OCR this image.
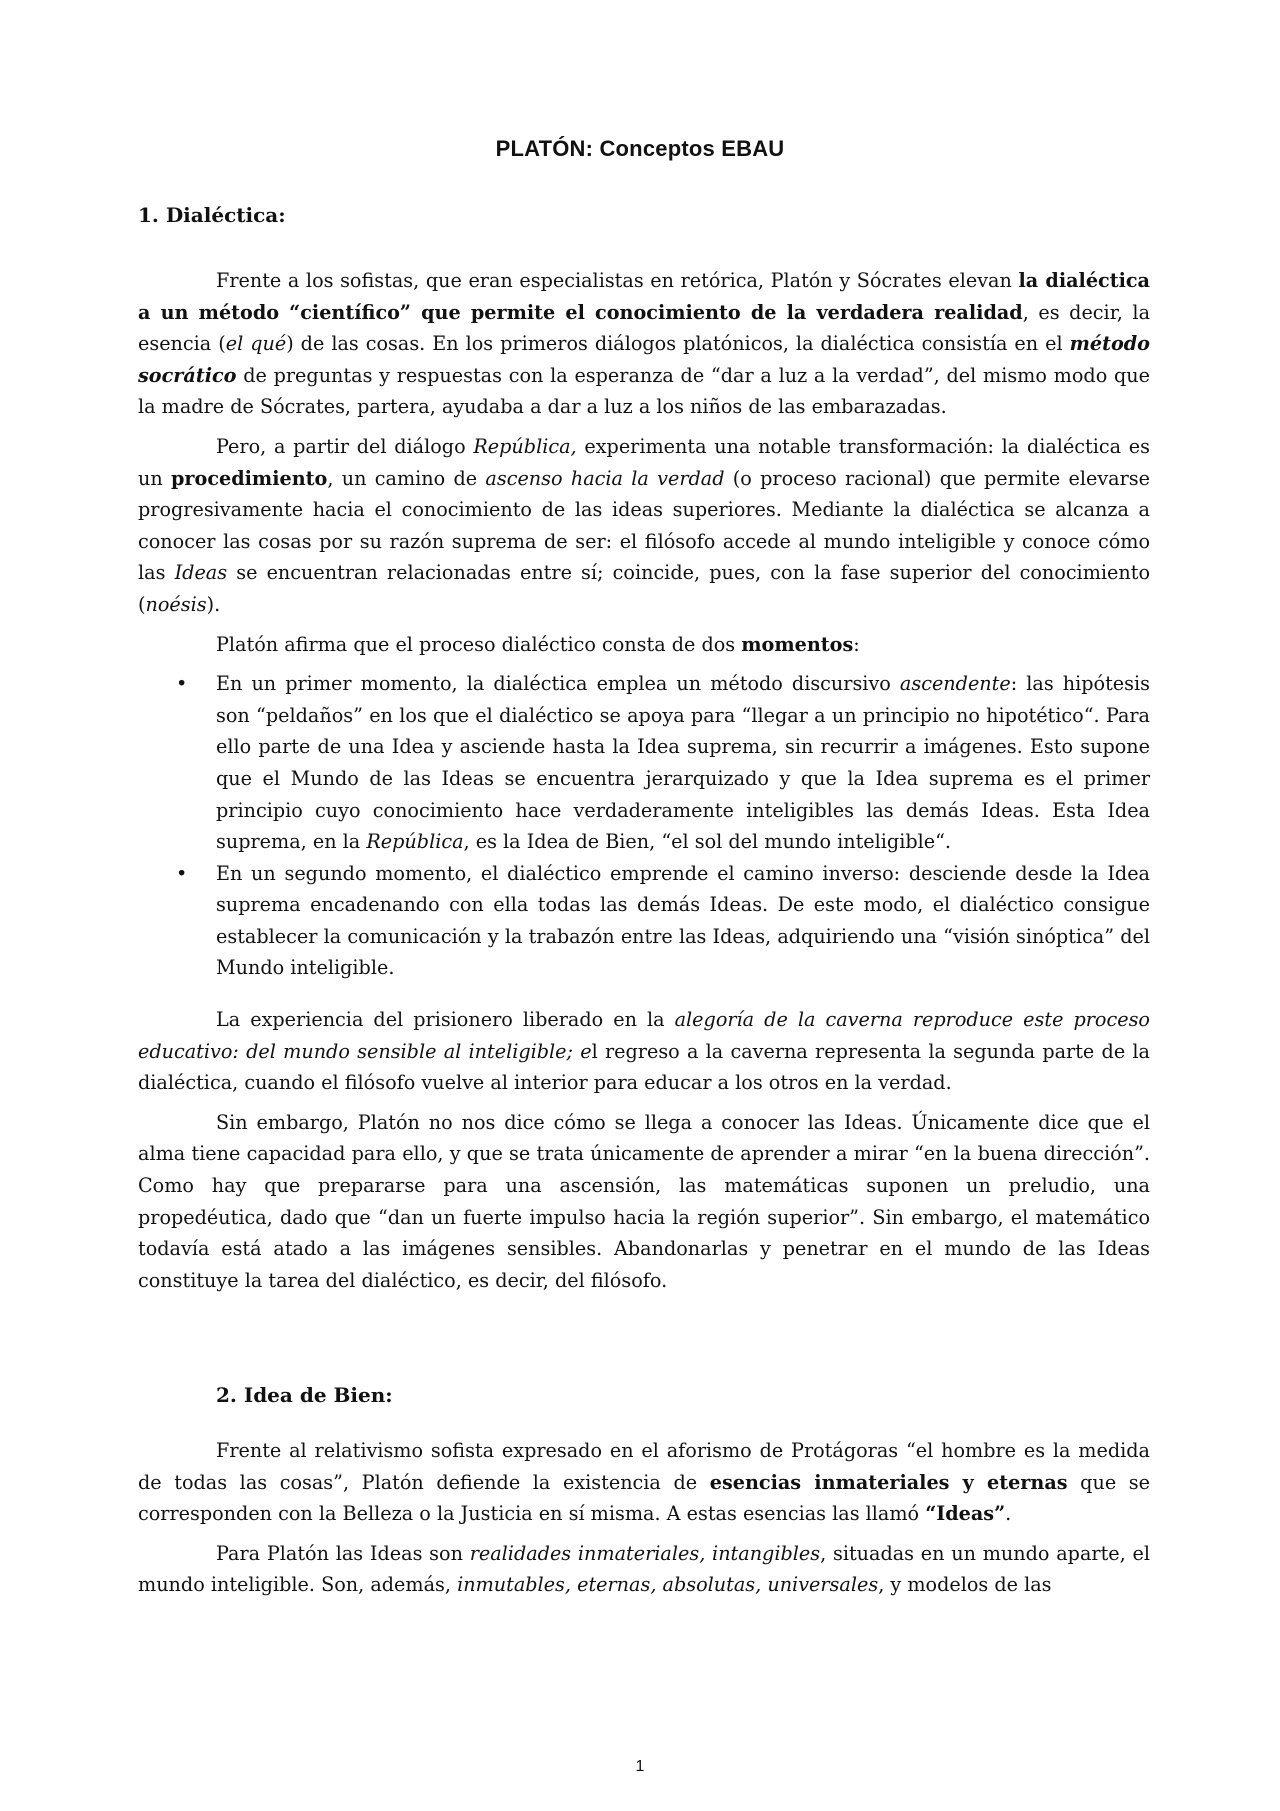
PLATÓN: Conceptos EBAU
1. Dialéctica:

Frente a los sofistas, que eran especialistas en retórica, Platón y Sócrates elevan la dialéctica a un método “científico” que permite el conocimiento de la verdadera realidad, es decir, la esencia (el qué) de las cosas. En los primeros diálogos platónicos, la dialéctica consistía en el método socrático de preguntas y respuestas con la esperanza de “dar a luz a la verdad”, del mismo modo que la madre de Sócrates, partera, ayudaba a dar a luz a los niños de las embarazadas.

Pero, a partir del diálogo República, experimenta una notable transformación: la dialéctica es un procedimiento, un camino de ascenso hacia la verdad (o proceso racional) que permite elevarse progresivamente hacia el conocimiento de las ideas superiores. Mediante la dialéctica se alcanza a conocer las cosas por su razón suprema de ser: el filósofo accede al mundo inteligible y conoce cómo las Ideas se encuentran relacionadas entre sí; coincide, pues, con la fase superior del conocimiento (noésis).

Platón afirma que el proceso dialéctico consta de dos momentos:

• En un primer momento, la dialéctica emplea un método discursivo ascendente: las hipótesis son “peldaños” en los que el dialéctico se apoya para “llegar a un principio no hipotético“. Para ello parte de una Idea y asciende hasta la Idea suprema, sin recurrir a imágenes. Esto supone que el Mundo de las Ideas se encuentra jerarquizado y que la Idea suprema es el primer principio cuyo conocimiento hace verdaderamente inteligibles las demás Ideas. Esta Idea suprema, en la República, es la Idea de Bien, “el sol del mundo inteligible“.
• En un segundo momento, el dialéctico emprende el camino inverso: desciende desde la Idea suprema encadenando con ella todas las demás Ideas. De este modo, el dialéctico consigue establecer la comunicación y la trabazón entre las Ideas, adquiriendo una “visión sinóptica” del Mundo inteligible.

La experiencia del prisionero liberado en la alegoría de la caverna reproduce este proceso educativo: del mundo sensible al inteligible; el regreso a la caverna representa la segunda parte de la dialéctica, cuando el filósofo vuelve al interior para educar a los otros en la verdad.

Sin embargo, Platón no nos dice cómo se llega a conocer las Ideas. Únicamente dice que el alma tiene capacidad para ello, y que se trata únicamente de aprender a mirar “en la buena dirección”. Como hay que prepararse para una ascensión, las matemáticas suponen un preludio, una propedéutica, dado que “dan un fuerte impulso hacia la región superior”. Sin embargo, el matemático todavía está atado a las imágenes sensibles. Abandonarlas y penetrar en el mundo de las Ideas constituye la tarea del dialéctico, es decir, del filósofo.

2. Idea de Bien:

Frente al relativismo sofista expresado en el aforismo de Protágoras “el hombre es la medida de todas las cosas”, Platón defiende la existencia de esencias inmateriales y eternas que se corresponden con la Belleza o la Justicia en sí misma. A estas esencias las llamó “Ideas”.

Para Platón las Ideas son realidades inmateriales, intangibles, situadas en un mundo aparte, el mundo inteligible. Son, además, inmutables, eternas, absolutas, universales, y modelos de las

1
